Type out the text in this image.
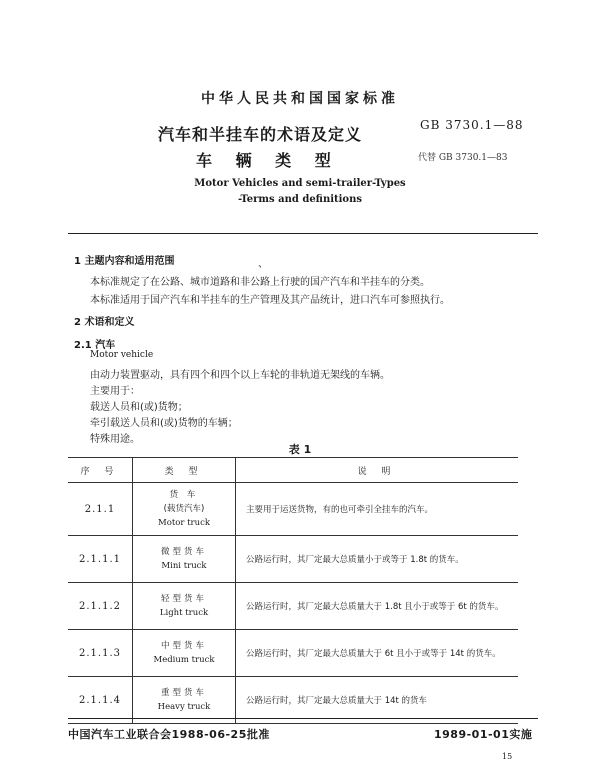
中华人民共和国国家标准
GB 3730.1—88
汽车和半挂车的术语及定义
车 辆 类 型	代替 GB 3730.1—83
Motor Vehicles and semi-trailer-Types
-Terms and definitions
1 主题内容和适用范围	、
本标准规定了在公路、城市道路和非公路上行驶的国产汽车和半挂车的分类。
本标准适用于国产汽车和半挂车的生产管理及其产品统计，进口汽车可参照执行。
2 术语和定义
2.1 汽车
Motor vehicle
由动力装置驱动，具有四个和四个以上车轮的非轨道无架线的车辆。
主要用于：
载送人员和(或)货物；
牵引载送人员和(或)货物的车辆；
特殊用途。
表 1
序 号	类 型	说 明
2.1.1	货 车
(载货汽车)
Motor truck	主要用于运送货物，有的也可牵引全挂车的汽车。
2.1.1.1	微型货车
Mini truck	公路运行时，其厂定最大总质量小于或等于 1.8t 的货车。
2.1.1.2	轻型货车
Light truck	公路运行时，其厂定最大总质量大于 1.8t 且小于或等于 6t 的货车。
2.1.1.3	中型货车
Medium truck	公路运行时，其厂定最大总质量大于 6t 且小于或等于 14t 的货车。
2.1.1.4	重型货车
Heavy truck	公路运行时，其厂定最大总质量大于 14t 的货车
中国汽车工业联合会1988-06-25批准	1989-01-01实施
15
